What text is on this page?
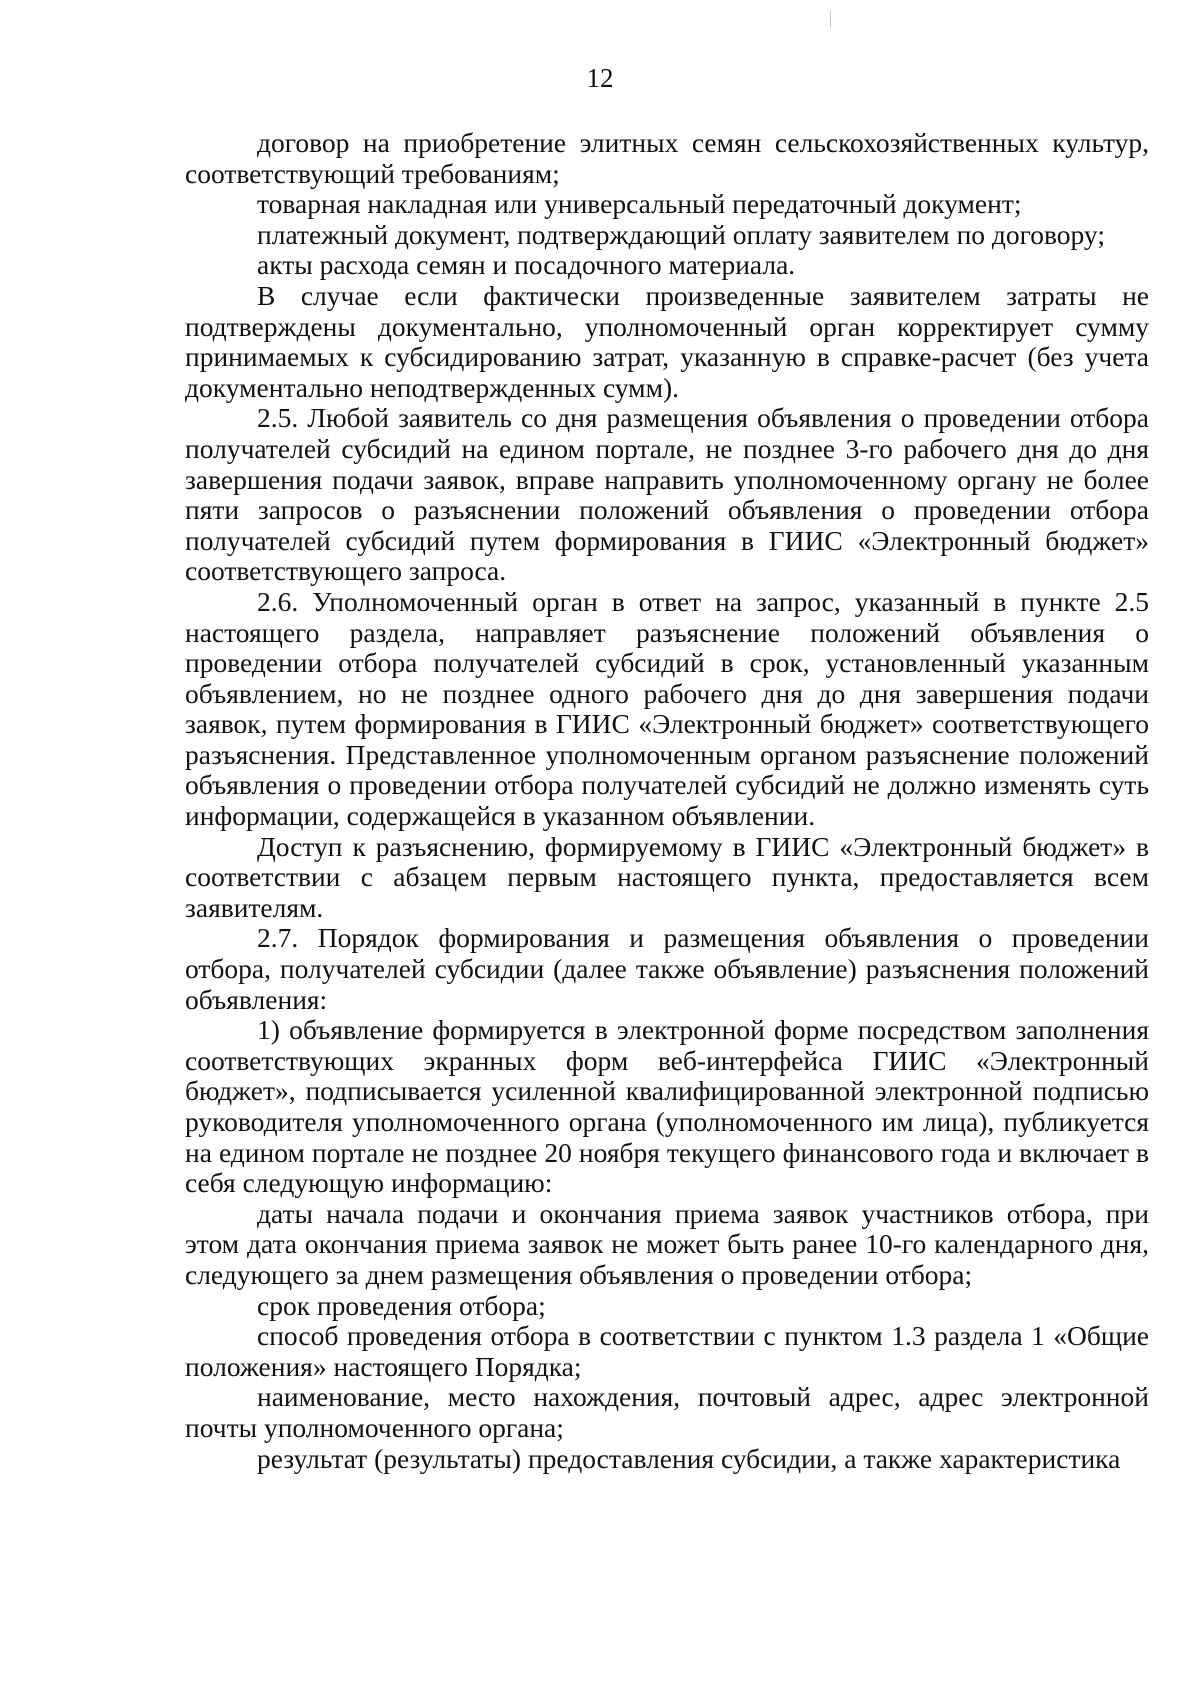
12

договор на приобретение элитных семян сельскохозяйственных культур, соответствующий требованиям;

товарная накладная или универсальный передаточный документ;

платежный документ, подтверждающий оплату заявителем по договору;

акты расхода семян и посадочного материала.

В случае если фактически произведенные заявителем затраты не подтверждены документально, уполномоченный орган корректирует сумму принимаемых к субсидированию затрат, указанную в справке-расчет (без учета документально неподтвержденных сумм).

2.5. Любой заявитель со дня размещения объявления о проведении отбора получателей субсидий на едином портале, не позднее 3-го рабочего дня до дня завершения подачи заявок, вправе направить уполномоченному органу не более пяти запросов о разъяснении положений объявления о проведении отбора получателей субсидий путем формирования в ГИИС «Электронный бюджет» соответствующего запроса.

2.6. Уполномоченный орган в ответ на запрос, указанный в пункте 2.5 настоящего раздела, направляет разъяснение положений объявления о проведении отбора получателей субсидий в срок, установленный указанным объявлением, но не позднее одного рабочего дня до дня завершения подачи заявок, путем формирования в ГИИС «Электронный бюджет» соответствующего разъяснения. Представленное уполномоченным органом разъяснение положений объявления о проведении отбора получателей субсидий не должно изменять суть информации, содержащейся в указанном объявлении.

Доступ к разъяснению, формируемому в ГИИС «Электронный бюджет» в соответствии с абзацем первым настоящего пункта, предоставляется всем заявителям.

2.7. Порядок формирования и размещения объявления о проведении отбора, получателей субсидии (далее также объявление) разъяснения положений объявления:

1) объявление формируется в электронной форме посредством заполнения соответствующих экранных форм веб-интерфейса ГИИС «Электронный бюджет», подписывается усиленной квалифицированной электронной подписью руководителя уполномоченного органа (уполномоченного им лица), публикуется на едином портале не позднее 20 ноября текущего финансового года и включает в себя следующую информацию:

даты начала подачи и окончания приема заявок участников отбора, при этом дата окончания приема заявок не может быть ранее 10-го календарного дня, следующего за днем размещения объявления о проведении отбора;

срок проведения отбора;

способ проведения отбора в соответствии с пунктом 1.3 раздела 1 «Общие положения» настоящего Порядка;

наименование, место нахождения, почтовый адрес, адрес электронной почты уполномоченного органа;

результат (результаты) предоставления субсидии, а также характеристика
